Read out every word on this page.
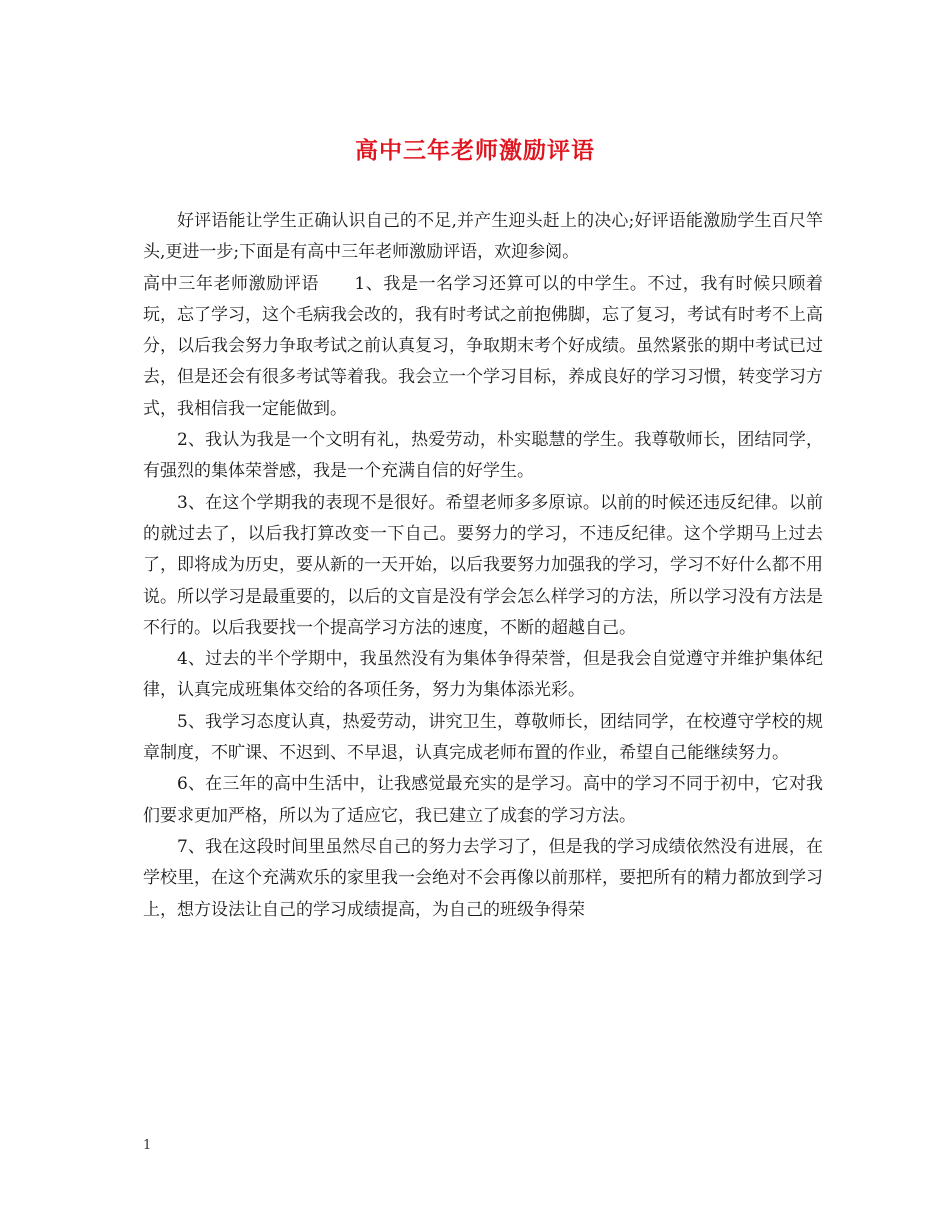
高中三年老师激励评语

好评语能让学生正确认识自己的不足,并产生迎头赶上的决心;好评语能激励学生百尺竿头,更进一步;下面是有高中三年老师激励评语，欢迎参阅。

高中三年老师激励评语　　1、我是一名学习还算可以的中学生。不过，我有时候只顾着玩，忘了学习，这个毛病我会改的，我有时考试之前抱佛脚，忘了复习，考试有时考不上高分，以后我会努力争取考试之前认真复习，争取期末考个好成绩。虽然紧张的期中考试已过去，但是还会有很多考试等着我。我会立一个学习目标，养成良好的学习习惯，转变学习方式，我相信我一定能做到。

2、我认为我是一个文明有礼，热爱劳动，朴实聪慧的学生。我尊敬师长，团结同学，有强烈的集体荣誉感，我是一个充满自信的好学生。

3、在这个学期我的表现不是很好。希望老师多多原谅。以前的时候还违反纪律。以前的就过去了，以后我打算改变一下自己。要努力的学习，不违反纪律。这个学期马上过去了，即将成为历史，要从新的一天开始，以后我要努力加强我的学习，学习不好什么都不用说。所以学习是最重要的，以后的文盲是没有学会怎么样学习的方法，所以学习没有方法是不行的。以后我要找一个提高学习方法的速度，不断的超越自己。

4、过去的半个学期中，我虽然没有为集体争得荣誉，但是我会自觉遵守并维护集体纪律，认真完成班集体交给的各项任务，努力为集体添光彩。

5、我学习态度认真，热爱劳动，讲究卫生，尊敬师长，团结同学，在校遵守学校的规章制度，不旷课、不迟到、不早退，认真完成老师布置的作业，希望自己能继续努力。

6、在三年的高中生活中，让我感觉最充实的是学习。高中的学习不同于初中，它对我们要求更加严格，所以为了适应它，我已建立了成套的学习方法。

7、我在这段时间里虽然尽自己的努力去学习了，但是我的学习成绩依然没有进展，在学校里，在这个充满欢乐的家里我一会绝对不会再像以前那样，要把所有的精力都放到学习上，想方设法让自己的学习成绩提高，为自己的班级争得荣

1
